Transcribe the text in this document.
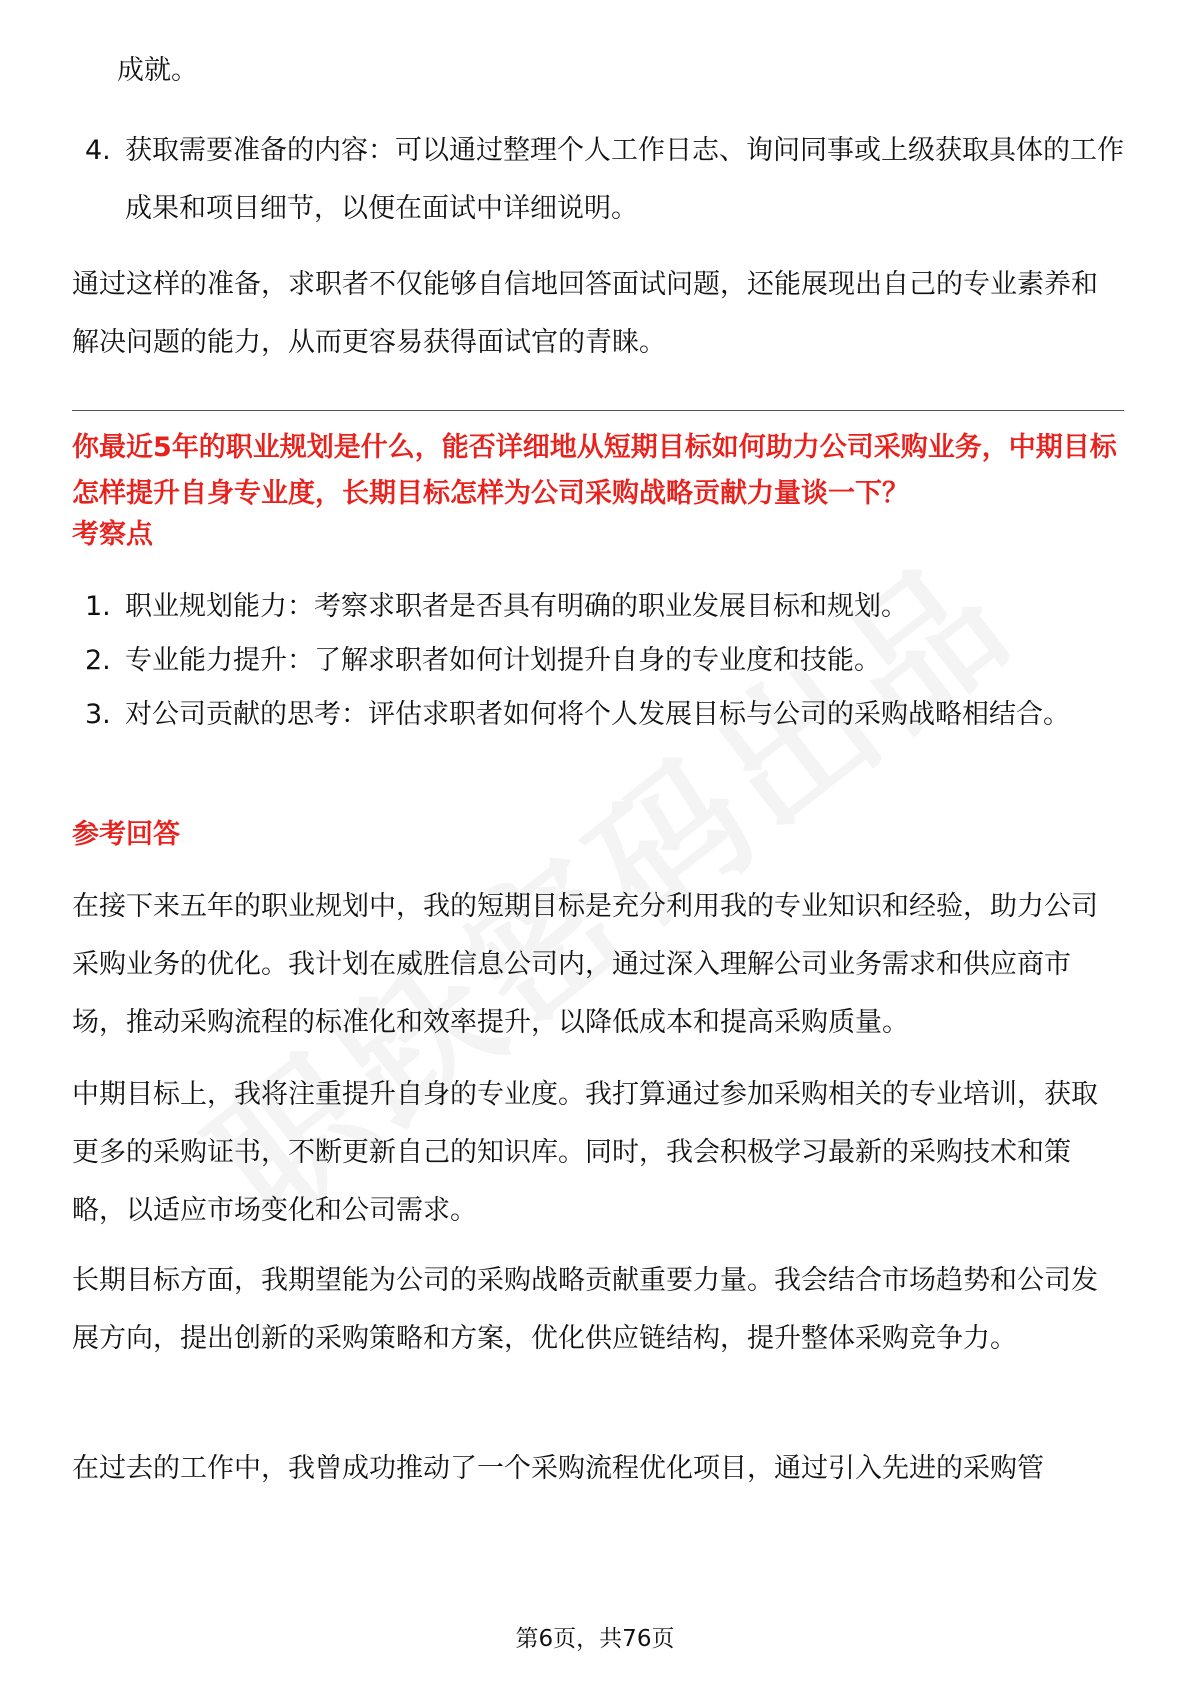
成就。
4. 获取需要准备的内容：可以通过整理个人工作日志、询问同事或上级获取具体的工作成果和项目细节，以便在面试中详细说明。
通过这样的准备，求职者不仅能够自信地回答面试问题，还能展现出自己的专业素养和解决问题的能力，从而更容易获得面试官的青睐。
你最近5年的职业规划是什么，能否详细地从短期目标如何助力公司采购业务，中期目标怎样提升自身专业度，长期目标怎样为公司采购战略贡献力量谈一下？
考察点
1. 职业规划能力：考察求职者是否具有明确的职业发展目标和规划。
2. 专业能力提升：了解求职者如何计划提升自身的专业度和技能。
3. 对公司贡献的思考：评估求职者如何将个人发展目标与公司的采购战略相结合。
参考回答
在接下来五年的职业规划中，我的短期目标是充分利用我的专业知识和经验，助力公司采购业务的优化。我计划在威胜信息公司内，通过深入理解公司业务需求和供应商市场，推动采购流程的标准化和效率提升，以降低成本和提高采购质量。
中期目标上，我将注重提升自身的专业度。我打算通过参加采购相关的专业培训，获取更多的采购证书，不断更新自己的知识库。同时，我会积极学习最新的采购技术和策略，以适应市场变化和公司需求。
长期目标方面，我期望能为公司的采购战略贡献重要力量。我会结合市场趋势和公司发展方向，提出创新的采购策略和方案，优化供应链结构，提升整体采购竞争力。
在过去的工作中，我曾成功推动了一个采购流程优化项目，通过引入先进的采购管
第6页，共76页
